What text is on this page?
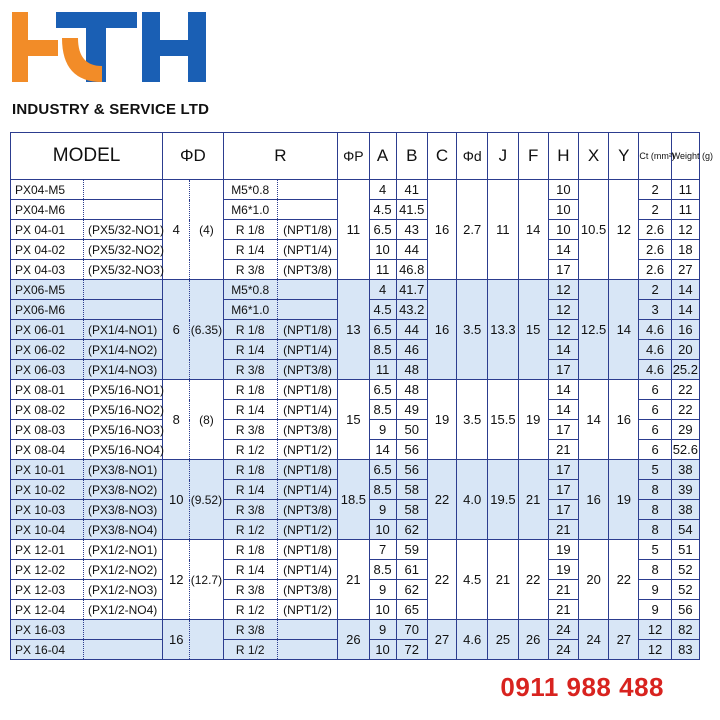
INDUSTRY & SERVICE LTD
MODEL		ΦD		R		ΦP	A	B	C	Φd	J	F	H	X	Y	Ct (mm²)	Weight (g)
PX04-M5		4	(4)	M5*0.8		11	4	41	16	2.7	11	14	10	10.5	12	2	11
PX04-M6				M6*1.0			4.5	41.5					10			2	11
PX 04-01	(PX5/32-NO1)			R 1/8	(NPT1/8)		6.5	43					10			2.6	12
PX 04-02	(PX5/32-NO2)			R 1/4	(NPT1/4)		10	44					14			2.6	18
PX 04-03	(PX5/32-NO3)			R 3/8	(NPT3/8)		11	46.8					17			2.6	27
PX06-M5		6	(6.35)	M5*0.8		13	4	41.7	16	3.5	13.3	15	12	12.5	14	2	14
PX06-M6				M6*1.0			4.5	43.2					12			3	14
PX 06-01	(PX1/4-NO1)			R 1/8	(NPT1/8)		6.5	44					12			4.6	16
PX 06-02	(PX1/4-NO2)			R 1/4	(NPT1/4)		8.5	46					14			4.6	20
PX 06-03	(PX1/4-NO3)			R 3/8	(NPT3/8)		11	48					17			4.6	25.2
PX 08-01	(PX5/16-NO1)	8	(8)	R 1/8	(NPT1/8)	15	6.5	48	19	3.5	15.5	19	14	14	16	6	22
PX 08-02	(PX5/16-NO2)			R 1/4	(NPT1/4)		8.5	49					14			6	22
PX 08-03	(PX5/16-NO3)			R 3/8	(NPT3/8)		9	50					17			6	29
PX 08-04	(PX5/16-NO4)			R 1/2	(NPT1/2)		14	56					21			6	52.6
PX 10-01	(PX3/8-NO1)	10	(9.52)	R 1/8	(NPT1/8)	18.5	6.5	56	22	4.0	19.5	21	17	16	19	5	38
PX 10-02	(PX3/8-NO2)			R 1/4	(NPT1/4)		8.5	58					17			8	39
PX 10-03	(PX3/8-NO3)			R 3/8	(NPT3/8)		9	58					17			8	38
PX 10-04	(PX3/8-NO4)			R 1/2	(NPT1/2)		10	62					21			8	54
PX 12-01	(PX1/2-NO1)	12	(12.7)	R 1/8	(NPT1/8)	21	7	59	22	4.5	21	22	19	20	22	5	51
PX 12-02	(PX1/2-NO2)			R 1/4	(NPT1/4)		8.5	61					19			8	52
PX 12-03	(PX1/2-NO3)			R 3/8	(NPT3/8)		9	62					21			9	52
PX 12-04	(PX1/2-NO4)			R 1/2	(NPT1/2)		10	65					21			9	56
PX 16-03		16		R 3/8		26	9	70	27	4.6	25	26	24	24	27	12	82
PX 16-04				R 1/2			10	72					24			12	83
0911 988 488
